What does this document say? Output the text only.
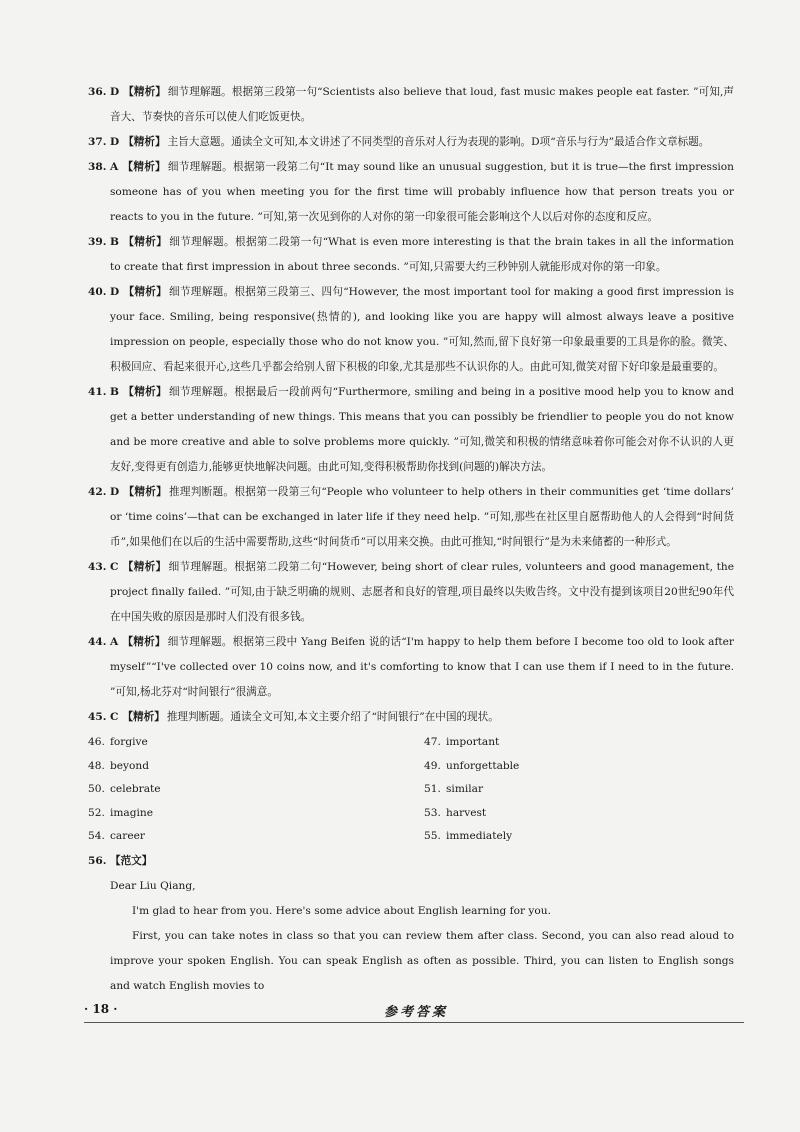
36. D 【精析】 细节理解题。根据第三段第一句“Scientists also believe that loud, fast music makes people eat faster. ”可知,声音大、节奏快的音乐可以使人们吃饭更快。
37. D 【精析】 主旨大意题。通读全文可知,本文讲述了不同类型的音乐对人行为表现的影响。D项“音乐与行为”最适合作文章标题。
38. A 【精析】 细节理解题。根据第一段第二句“It may sound like an unusual suggestion, but it is true—the first impression someone has of you when meeting you for the first time will probably influence how that person treats you or reacts to you in the future. ”可知,第一次见到你的人对你的第一印象很可能会影响这个人以后对你的态度和反应。
39. B 【精析】 细节理解题。根据第二段第一句“What is even more interesting is that the brain takes in all the information to create that first impression in about three seconds. ”可知,只需要大约三秒钟别人就能形成对你的第一印象。
40. D 【精析】 细节理解题。根据第三段第三、四句“However, the most important tool for making a good first impression is your face. Smiling, being responsive(热情的), and looking like you are happy will almost always leave a positive impression on people, especially those who do not know you. ”可知,然而,留下良好第一印象最重要的工具是你的脸。微笑、积极回应、看起来很开心,这些几乎都会给别人留下积极的印象,尤其是那些不认识你的人。由此可知,微笑对留下好印象是最重要的。
41. B 【精析】 细节理解题。根据最后一段前两句“Furthermore, smiling and being in a positive mood help you to know and get a better understanding of new things. This means that you can possibly be friendlier to people you do not know and be more creative and able to solve problems more quickly. ”可知,微笑和积极的情绪意味着你可能会对你不认识的人更友好,变得更有创造力,能够更快地解决问题。由此可知,变得积极帮助你找到(问题的)解决方法。
42. D 【精析】 推理判断题。根据第一段第三句“People who volunteer to help others in their communities get ‘time dollars’ or ‘time coins’—that can be exchanged in later life if they need help. ”可知,那些在社区里自愿帮助他人的人会得到“时间货币”,如果他们在以后的生活中需要帮助,这些“时间货币”可以用来交换。由此可推知,“时间银行”是为未来储蓄的一种形式。
43. C 【精析】 细节理解题。根据第二段第二句“However, being short of clear rules, volunteers and good management, the project finally failed. ”可知,由于缺乏明确的规则、志愿者和良好的管理,项目最终以失败告终。文中没有提到该项目20世纪90年代在中国失败的原因是那时人们没有很多钱。
44. A 【精析】 细节理解题。根据第三段中 Yang Beifen 说的话“I'm happy to help them before I become too old to look after myself”“I've collected over 10 coins now, and it's comforting to know that I can use them if I need to in the future. ”可知,杨北芬对“时间银行”很满意。
45. C 【精析】 推理判断题。通读全文可知,本文主要介绍了“时间银行”在中国的现状。
46. forgive	47. important
48. beyond	49. unforgettable
50. celebrate	51. similar
52. imagine	53. harvest
54. career	55. immediately
56. 【范文】

Dear Liu Qiang,

I'm glad to hear from you. Here's some advice about English learning for you.

First, you can take notes in class so that you can review them after class. Second, you can also read aloud to improve your spoken English. You can speak English as often as possible. Third, you can listen to English songs and watch English movies to

· 18 ·	参考答案
